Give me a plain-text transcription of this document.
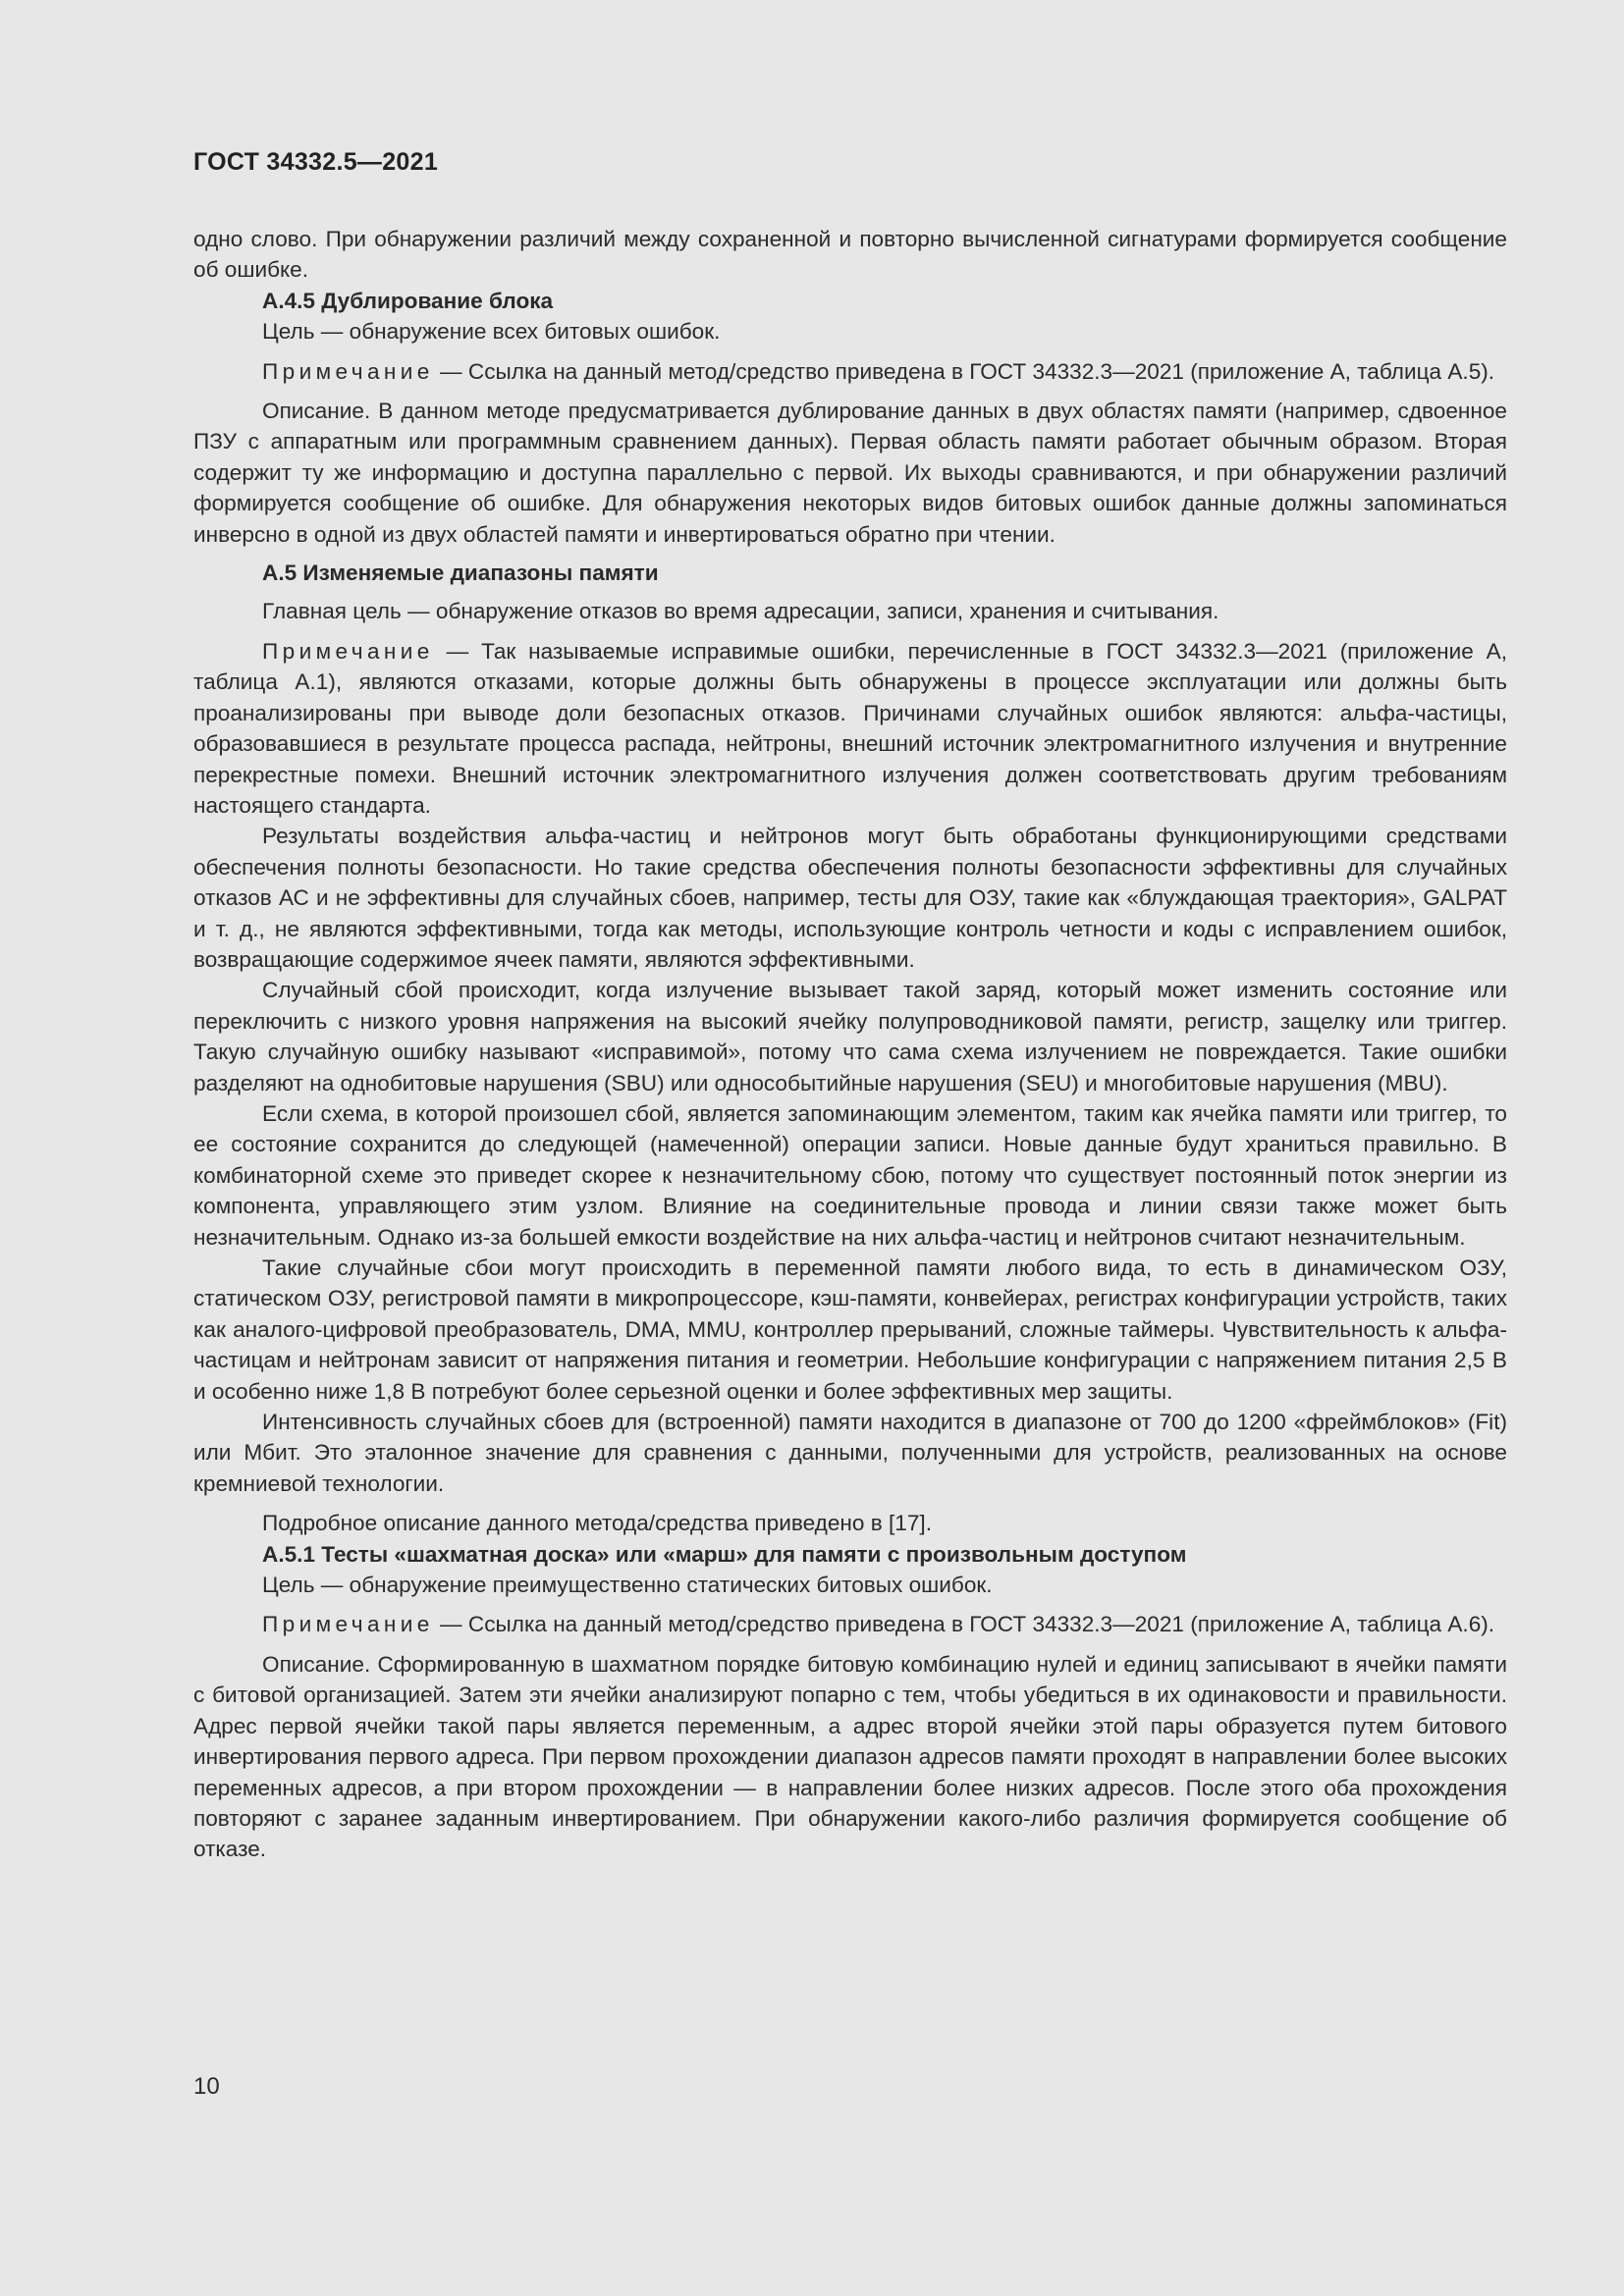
ГОСТ 34332.5—2021

одно слово. При обнаружении различий между сохраненной и повторно вычисленной сигнатурами формируется сообщение об ошибке.

А.4.5 Дублирование блока

Цель — обнаружение всех битовых ошибок.

Примечание — Ссылка на данный метод/средство приведена в ГОСТ 34332.3—2021 (приложение А, таблица А.5).

Описание. В данном методе предусматривается дублирование данных в двух областях памяти (например, сдвоенное ПЗУ с аппаратным или программным сравнением данных). Первая область памяти работает обычным образом. Вторая содержит ту же информацию и доступна параллельно с первой. Их выходы сравниваются, и при обнаружении различий формируется сообщение об ошибке. Для обнаружения некоторых видов битовых ошибок данные должны запоминаться инверсно в одной из двух областей памяти и инвертироваться обратно при чтении.

А.5 Изменяемые диапазоны памяти

Главная цель — обнаружение отказов во время адресации, записи, хранения и считывания.

Примечание — Так называемые исправимые ошибки, перечисленные в ГОСТ 34332.3—2021 (приложение А, таблица А.1), являются отказами, которые должны быть обнаружены в процессе эксплуатации или должны быть проанализированы при выводе доли безопасных отказов. Причинами случайных ошибок являются: альфа-частицы, образовавшиеся в результате процесса распада, нейтроны, внешний источник электромагнитного излучения и внутренние перекрестные помехи. Внешний источник электромагнитного излучения должен соответствовать другим требованиям настоящего стандарта.

Результаты воздействия альфа-частиц и нейтронов могут быть обработаны функционирующими средствами обеспечения полноты безопасности. Но такие средства обеспечения полноты безопасности эффективны для случайных отказов АС и не эффективны для случайных сбоев, например, тесты для ОЗУ, такие как «блуждающая траектория», GALPAT и т. д., не являются эффективными, тогда как методы, использующие контроль четности и коды с исправлением ошибок, возвращающие содержимое ячеек памяти, являются эффективными.

Случайный сбой происходит, когда излучение вызывает такой заряд, который может изменить состояние или переключить с низкого уровня напряжения на высокий ячейку полупроводниковой памяти, регистр, защелку или триггер. Такую случайную ошибку называют «исправимой», потому что сама схема излучением не повреждается. Такие ошибки разделяют на однобитовые нарушения (SBU) или однособытийные нарушения (SEU) и многобитовые нарушения (MBU).

Если схема, в которой произошел сбой, является запоминающим элементом, таким как ячейка памяти или триггер, то ее состояние сохранится до следующей (намеченной) операции записи. Новые данные будут храниться правильно. В комбинаторной схеме это приведет скорее к незначительному сбою, потому что существует постоянный поток энергии из компонента, управляющего этим узлом. Влияние на соединительные провода и линии связи также может быть незначительным. Однако из-за большей емкости воздействие на них альфа-частиц и нейтронов считают незначительным.

Такие случайные сбои могут происходить в переменной памяти любого вида, то есть в динамическом ОЗУ, статическом ОЗУ, регистровой памяти в микропроцессоре, кэш-памяти, конвейерах, регистрах конфигурации устройств, таких как аналого-цифровой преобразователь, DMA, MMU, контроллер прерываний, сложные таймеры. Чувствительность к альфа-частицам и нейтронам зависит от напряжения питания и геометрии. Небольшие конфигурации с напряжением питания 2,5 В и особенно ниже 1,8 В потребуют более серьезной оценки и более эффективных мер защиты.

Интенсивность случайных сбоев для (встроенной) памяти находится в диапазоне от 700 до 1200 «фреймблоков» (Fit) или Мбит. Это эталонное значение для сравнения с данными, полученными для устройств, реализованных на основе кремниевой технологии.

Подробное описание данного метода/средства приведено в [17].

А.5.1 Тесты «шахматная доска» или «марш» для памяти с произвольным доступом

Цель — обнаружение преимущественно статических битовых ошибок.

Примечание — Ссылка на данный метод/средство приведена в ГОСТ 34332.3—2021 (приложение А, таблица А.6).

Описание. Сформированную в шахматном порядке битовую комбинацию нулей и единиц записывают в ячейки памяти с битовой организацией. Затем эти ячейки анализируют попарно с тем, чтобы убедиться в их одинаковости и правильности. Адрес первой ячейки такой пары является переменным, а адрес второй ячейки этой пары образуется путем битового инвертирования первого адреса. При первом прохождении диапазон адресов памяти проходят в направлении более высоких переменных адресов, а при втором прохождении — в направлении более низких адресов. После этого оба прохождения повторяют с заранее заданным инвертированием. При обнаружении какого-либо различия формируется сообщение об отказе.

10
